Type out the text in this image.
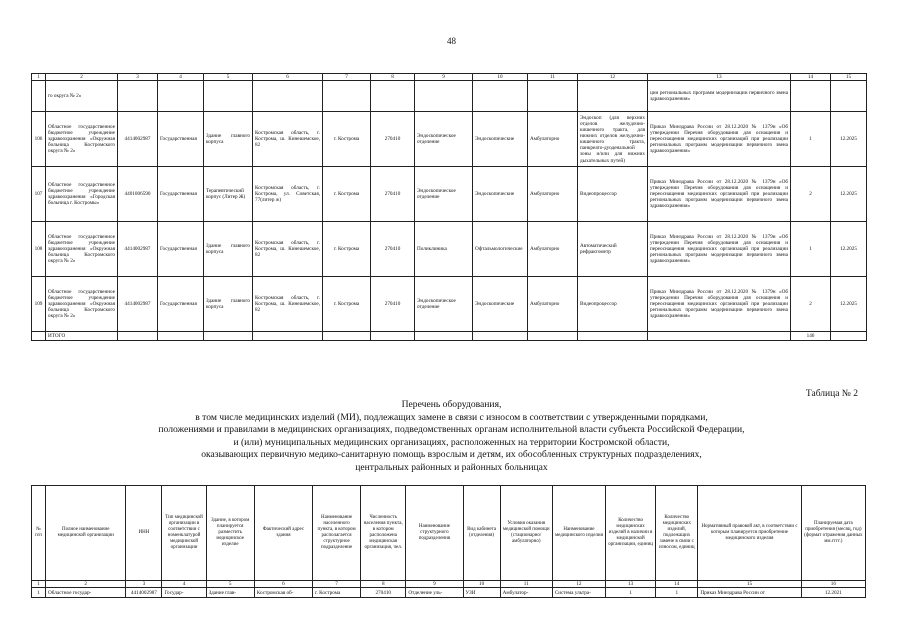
48
1	2	3	4	5	6	7	8	9	10	11	12	13	14	15
	го округа № 2»											ции региональных программ модернизации первичного звена здравоохранения»		
106	Областное государственное бюджетное учреждение здравоохранения «Окружная больница Костромского округа № 2»	4414002987	Государственная	Здание главного корпуса	Костромская область, г. Кострома, ш. Кинешемское, 82	г. Кострома	270410	Эндоскопическое отделение	Эндоскопические	Амбулаторно	Эндоскоп (для верхних отделов желудочно-кишечного тракта, для нижних отделов желудочно-кишечного тракта, панкреато-дуоденальной зоны и/или для нижних дыхательных путей)	Приказ Минздрава России от 28.12.2020 № 1379н «Об утверждении Перечня оборудования для оснащения и переоснащения медицинских организаций при реализации региональных программ модернизации первичного звена здравоохранения»	1	12.2025
107	Областное государственное бюджетное учреждение здравоохранения «Городская больница г. Костромы»	4401006590	Государственная	Терапевтический корпус (Литер Ж)	Костромская область, г. Кострома, ул. Советская, 77(литер ж)	г. Кострома	270410	Эндоскопическое отделение	Эндоскопические	Амбулаторно	Видеопроцессор	Приказ Минздрава России от 28.12.2020 № 1379н «Об утверждении Перечня оборудования для оснащения и переоснащения медицинских организаций при реализации региональных программ модернизации первичного звена здравоохранения»	2	12.2025
108	Областное государственное бюджетное учреждение здравоохранения «Окружная больница Костромского округа № 2»	4414002987	Государственная	Здание главного корпуса	Костромская область, г. Кострома, ш. Кинешемское, 82	г. Кострома	270410	Поликлиника	Офтальмологические	Амбулаторно	Автоматический рефрактометр	Приказ Минздрава России от 28.12.2020 № 1379н «Об утверждении Перечня оборудования для оснащения и переоснащения медицинских организаций при реализации региональных программ модернизации первичного звена здравоохранения»	1	12.2025
109	Областное государственное бюджетное учреждение здравоохранения «Окружная больница Костромского округа № 2»	4414002987	Государственная	Здание главного корпуса	Костромская область, г. Кострома, ш. Кинешемское, 82	г. Кострома	270410	Эндоскопическое отделение	Эндоскопические	Амбулаторно	Видеопроцессор	Приказ Минздрава России от 28.12.2020 № 1379н «Об утверждении Перечня оборудования для оснащения и переоснащения медицинских организаций при реализации региональных программ модернизации первичного звена здравоохранения»	2	12.2025
	ИТОГО												146	
Таблица № 2
Перечень оборудования,
в том числе медицинских изделий (МИ), подлежащих замене в связи с износом в соответствии с утвержденными порядками,
положениями и правилами в медицинских организациях, подведомственных органам исполнительной власти субъекта Российской Федерации,
и (или) муниципальных медицинских организациях, расположенных на территории Костромской области,
оказывающих первичную медико-санитарную помощь взрослым и детям, их обособленных структурных подразделениях,
центральных районных и районных больницах
№ п/п	Полное наименование медицинской организации	ИНН	Тип медицинской организации в соответствии с номенклатурой медицинской организации	Здание, в котором планируется разместить медицинское изделие	Фактический адрес здания	Наименование населенного пункта, в котором располагается структурное подразделение	Численность населения пункта, в котором расположена медицинская организация, чел.	Наименование структурного подразделения	Вид кабинета (отделения)	Условия оказания медицинской помощи (стационарно/амбулаторно)	Наименование медицинского изделия	Количество медицинских изделий в наличии в медицинской организации, единиц	Количество медицинских изделий, подлежащих замене в связи с износом, единиц	Нормативный правовой акт, в соответствии с которым планируется приобретение медицинского изделия	Планируемая дата приобретения (месяц, год) (формат отражения данных мм.гггг.)
1	2	3	4	5	6	7	8	9	10	11	12	13	14	15	16
1	Областное государ-	4414002987	Государ-	Здание глав-	Костромская об-	г. Кострома	270410	Отделение уль-	УЗИ	Амбулатор-	Система ультра-	1	1	Приказ Минздрава России от	12.2021
